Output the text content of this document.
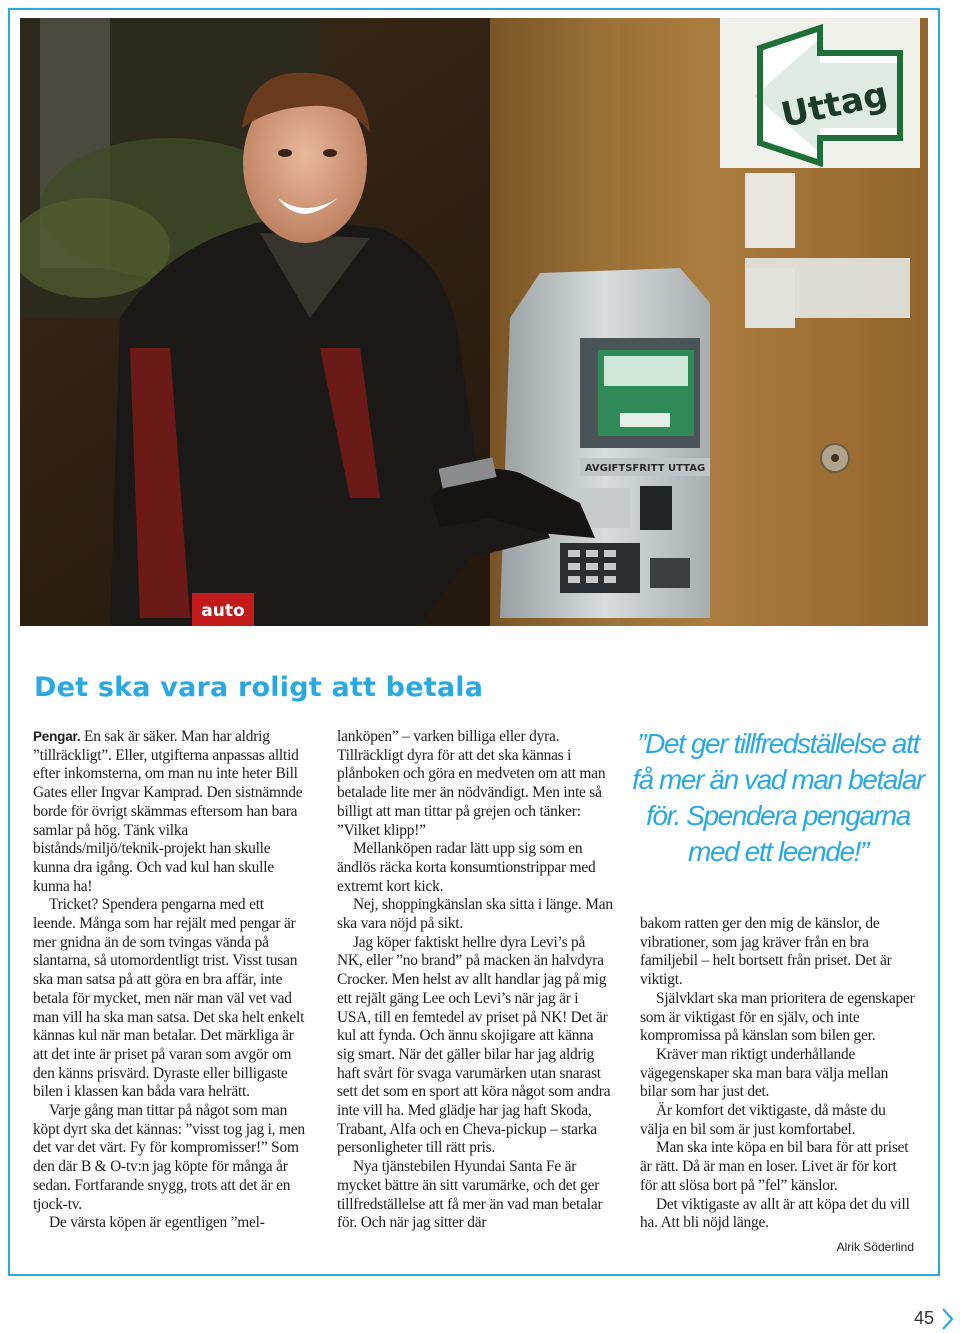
Uttag
AVGIFTSFRITT UTTAG
auto
Det ska vara roligt att betala

Pengar. En sak är säker. Man har aldrig ”tillräckligt”. Eller, utgifterna anpassas alltid efter inkomsterna, om man nu inte heter Bill Gates eller Ingvar Kamprad. Den sistnämnde borde för övrigt skämmas eftersom han bara samlar på hög. Tänk vilka bistånds/miljö/teknik-projekt han skulle kunna dra igång. Och vad kul han skulle kunna ha!

Tricket? Spendera pengarna med ett leende. Många som har rejält med pengar är mer gnidna än de som tvingas vända på slantarna, så utomordentligt trist. Visst tusan ska man satsa på att göra en bra affär, inte betala för mycket, men när man väl vet vad man vill ha ska man satsa. Det ska helt enkelt kännas kul när man betalar. Det märkliga är att det inte är priset på varan som avgör om den känns prisvärd. Dyraste eller billigaste bilen i klassen kan båda vara helrätt.

Varje gång man tittar på något som man köpt dyrt ska det kännas: ”visst tog jag i, men det var det värt. Fy för kompromisser!” Som den där B & O-tv:n jag köpte för många år sedan. Fortfarande snygg, trots att det är en tjock-tv.

De värsta köpen är egentligen ”mel-

lanköpen” – varken billiga eller dyra. Tillräckligt dyra för att det ska kännas i plånboken och göra en medveten om att man betalade lite mer än nödvändigt. Men inte så billigt att man tittar på grejen och tänker: ”Vilket klipp!”

Mellanköpen radar lätt upp sig som en ändlös räcka korta konsumtionstrippar med extremt kort kick.

Nej, shoppingkänslan ska sitta i länge. Man ska vara nöjd på sikt.

Jag köper faktiskt hellre dyra Levi’s på NK, eller ”no brand” på macken än halvdyra Crocker. Men helst av allt handlar jag på mig ett rejält gäng Lee och Levi’s när jag är i USA, till en femtedel av priset på NK! Det är kul att fynda. Och ännu skojigare att känna sig smart. När det gäller bilar har jag aldrig haft svårt för svaga varumärken utan snarast sett det som en sport att köra något som andra inte vill ha. Med glädje har jag haft Skoda, Trabant, Alfa och en Cheva-pickup – starka personligheter till rätt pris.

Nya tjänstebilen Hyundai Santa Fe är mycket bättre än sitt varumärke, och det ger tillfredställelse att få mer än vad man betalar för. Och när jag sitter där

”Det ger tillfredställelse att få mer än vad man betalar för. Spendera pengarna med ett leende!”

bakom ratten ger den mig de känslor, de vibrationer, som jag kräver från en bra familjebil – helt bortsett från priset. Det är viktigt.

Självklart ska man prioritera de egenskaper som är viktigast för en själv, och inte kompromissa på känslan som bilen ger.

Kräver man riktigt underhållande vägegenskaper ska man bara välja mellan bilar som har just det.

Är komfort det viktigaste, då måste du välja en bil som är just komfortabel.

Man ska inte köpa en bil bara för att priset är rätt. Då är man en loser. Livet är för kort för att slösa bort på ”fel” känslor.

Det viktigaste av allt är att köpa det du vill ha. Att bli nöjd länge.

Alrik Söderlind
45
